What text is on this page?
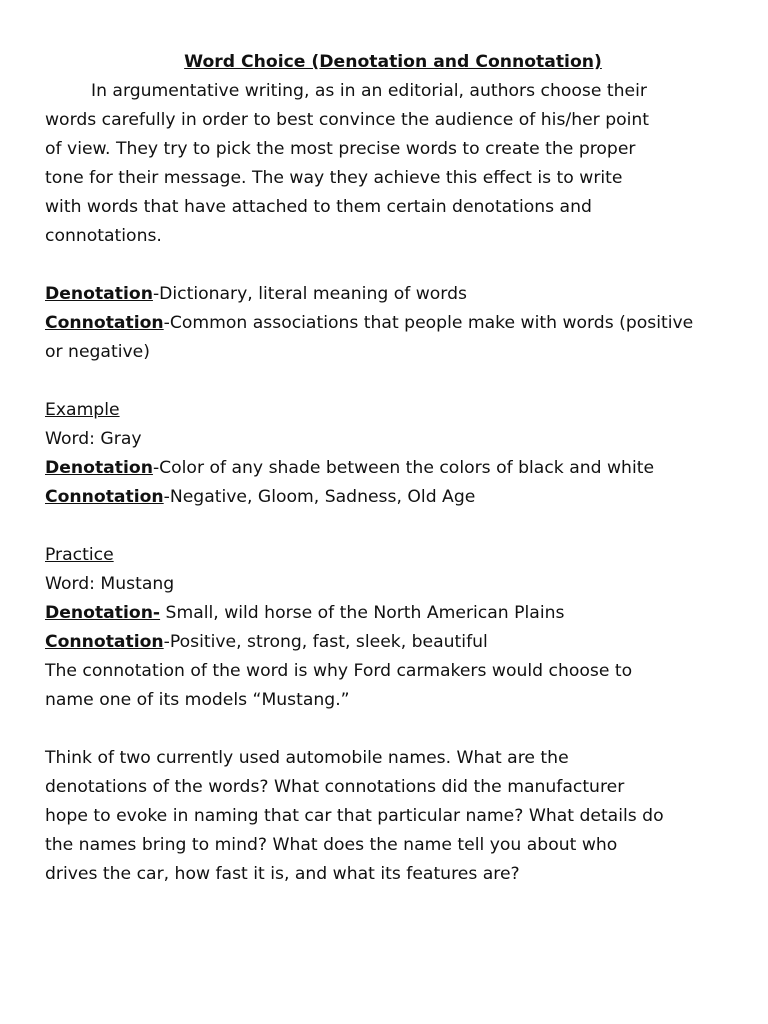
Word Choice (Denotation and Connotation)
In argumentative writing, as in an editorial, authors choose their
words carefully in order to best convince the audience of his/her point
of view. They try to pick the most precise words to create the proper
tone for their message. The way they achieve this effect is to write
with words that have attached to them certain denotations and
connotations.
Denotation-Dictionary, literal meaning of words
Connotation-Common associations that people make with words (positive
or negative)
Example
Word: Gray
Denotation-Color of any shade between the colors of black and white
Connotation-Negative, Gloom, Sadness, Old Age
Practice
Word: Mustang
Denotation- Small, wild horse of the North American Plains
Connotation-Positive, strong, fast, sleek, beautiful
The connotation of the word is why Ford carmakers would choose to
name one of its models “Mustang.”
Think of two currently used automobile names. What are the
denotations of the words? What connotations did the manufacturer
hope to evoke in naming that car that particular name? What details do
the names bring to mind? What does the name tell you about who
drives the car, how fast it is, and what its features are?
